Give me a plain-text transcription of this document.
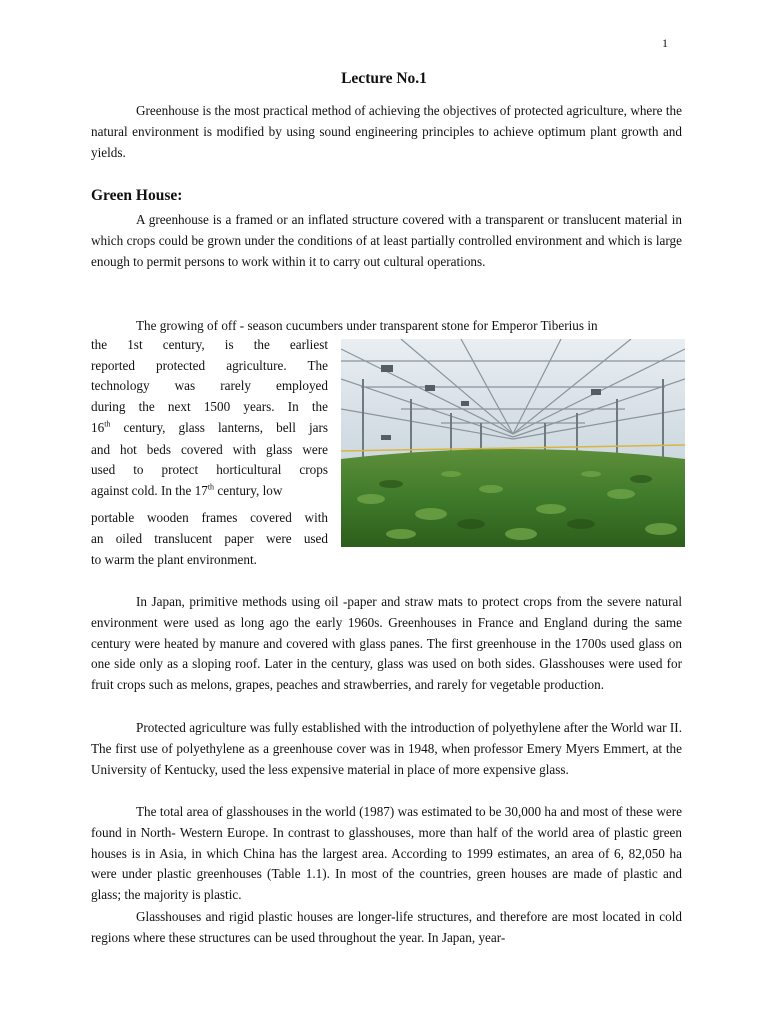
1
Lecture No.1

Greenhouse is the most practical method of achieving the objectives of protected agriculture, where the natural environment is modified by using sound engineering principles to achieve optimum plant growth and yields.

Green House:

A greenhouse is a framed or an inflated structure covered with a transparent or translucent material in which crops could be grown under the conditions of at least partially controlled environment and which is large enough to permit persons to work within it to carry out cultural operations.

The growing of off - season cucumbers under transparent stone for Emperor Tiberius in

the 1st century, is the earliest

reported protected agriculture. The

technology was rarely employed

during the next 1500 years. In the

16th century, glass lanterns, bell jars

and hot beds covered with glass were

used to protect horticultural crops

against cold. In the 17th century, low

portable wooden frames covered with

an oiled translucent paper were used

to warm the plant environment.

In Japan, primitive methods using oil -paper and straw mats to protect crops from the severe natural environment were used as long ago the early 1960s. Greenhouses in France and England during the same century were heated by manure and covered with glass panes. The first greenhouse in the 1700s used glass on one side only as a sloping roof. Later in the century, glass was used on both sides. Glasshouses were used for fruit crops such as melons, grapes, peaches and strawberries, and rarely for vegetable production.

Protected agriculture was fully established with the introduction of polyethylene after the World war II. The first use of polyethylene as a greenhouse cover was in 1948, when professor Emery Myers Emmert, at the University of Kentucky, used the less expensive material in place of more expensive glass.

The total area of glasshouses in the world (1987) was estimated to be 30,000 ha and most of these were found in North- Western Europe. In contrast to glasshouses, more than half of the world area of plastic green houses is in Asia, in which China has the largest area. According to 1999 estimates, an area of 6, 82,050 ha were under plastic greenhouses (Table 1.1). In most of the countries, green houses are made of plastic and glass; the majority is plastic.

Glasshouses and rigid plastic houses are longer-life structures, and therefore are most located in cold regions where these structures can be used throughout the year. In Japan, year-
